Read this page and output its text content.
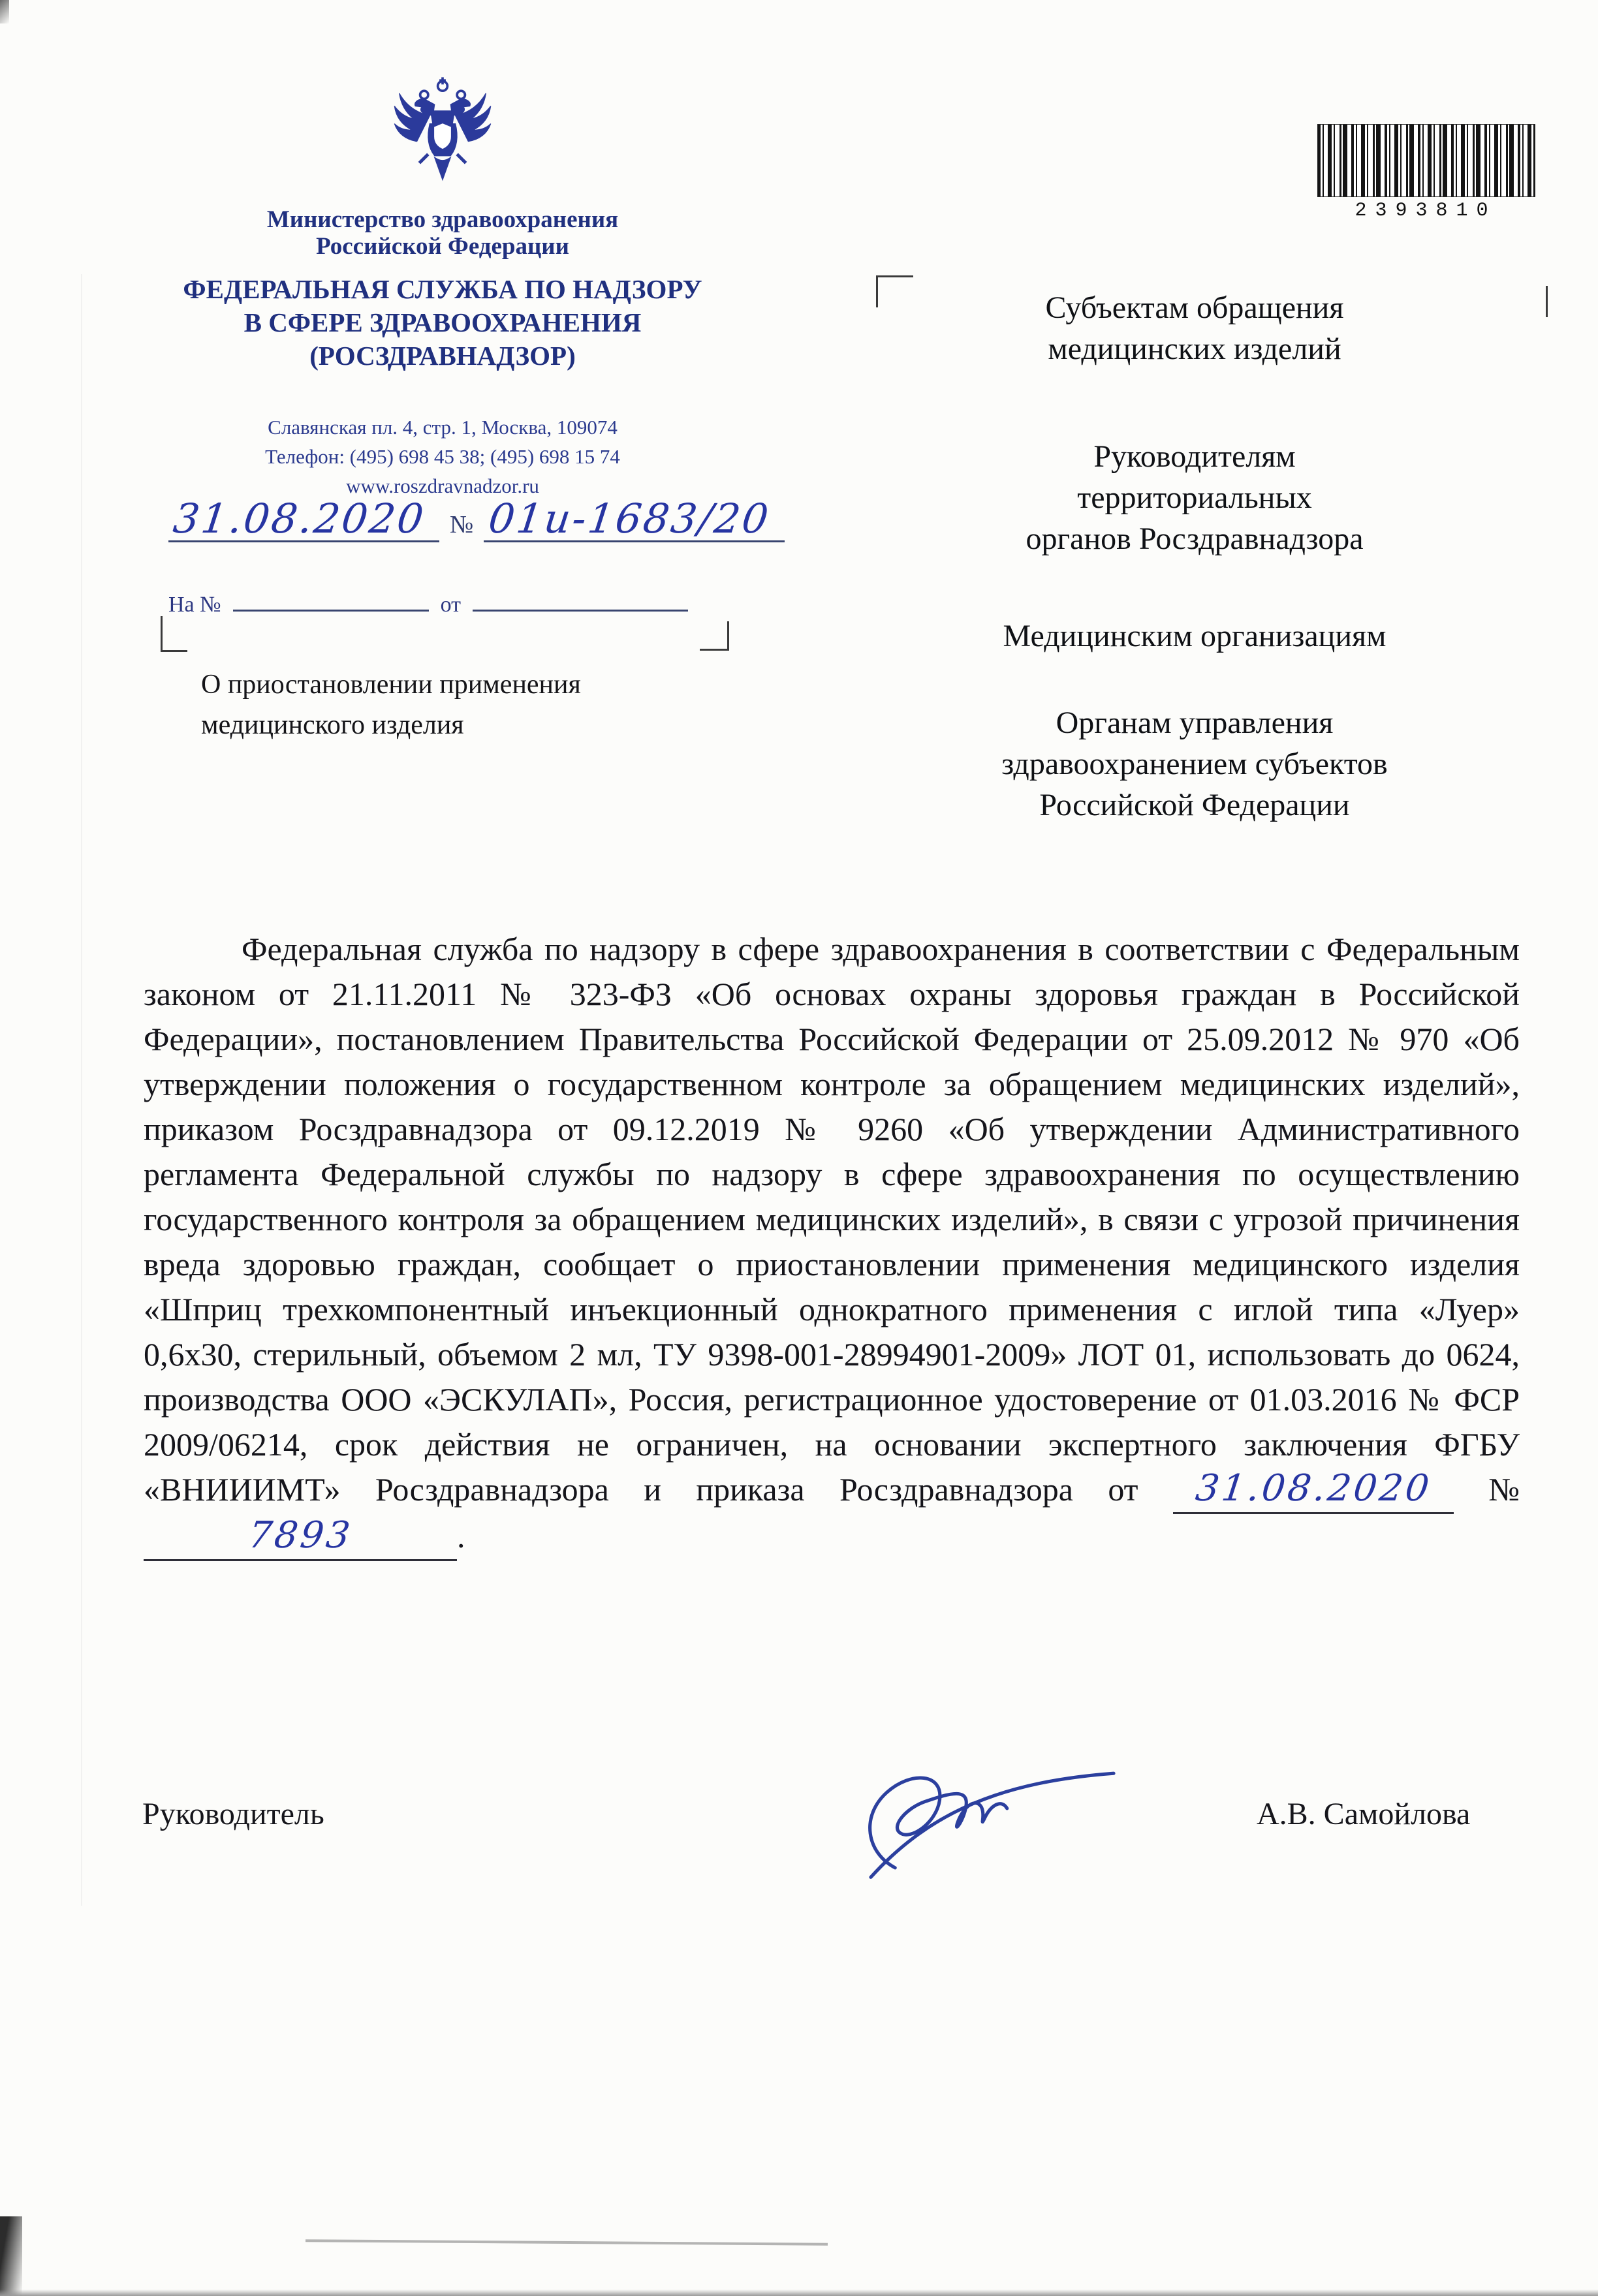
Министерство здравоохранения
Российской Федерации
ФЕДЕРАЛЬНАЯ СЛУЖБА ПО НАДЗОРУ
В СФЕРЕ ЗДРАВООХРАНЕНИЯ
(РОСЗДРАВНАДЗОР)
Славянская пл. 4, стр. 1, Москва, 109074
Телефон: (495) 698 45 38; (495) 698 15 74
www.roszdravnadzor.ru
31.08.2020 № 01и-1683/20
На №	от
О приостановлении применения
медицинского изделия
2393810
Субъектам обращения
медицинских изделий
Руководителям
территориальных
органов Росздравнадзора
Медицинским организациям
Органам управления
здравоохранением субъектов
Российской Федерации

Федеральная служба по надзору в сфере здравоохранения в соответствии с Федеральным законом от 21.11.2011 № 323-ФЗ «Об основах охраны здоровья граждан в Российской Федерации», постановлением Правительства Российской Федерации от 25.09.2012 № 970 «Об утверждении положения о государственном контроле за обращением медицинских изделий», приказом Росздравнадзора от 09.12.2019 № 9260 «Об утверждении Административного регламента Федеральной службы по надзору в сфере здравоохранения по осуществлению государственного контроля за обращением медицинских изделий», в связи с угрозой причинения вреда здоровью граждан, сообщает о приостановлении применения медицинского изделия «Шприц трехкомпонентный инъекционный однократного применения с иглой типа «Луер» 0,6х30, стерильный, объемом 2 мл, ТУ 9398-001-28994901-2009» ЛОТ 01, использовать до 0624, производства ООО «ЭСКУЛАП», Россия, регистрационное удостоверение от 01.03.2016 № ФСР 2009/06214, срок действия не ограничен, на основании экспертного заключения ФГБУ «ВНИИИМТ» Росздравнадзора и приказа Росздравнадзора от 31.08.2020 № 7893	.

Руководитель	А.В. Самойлова
